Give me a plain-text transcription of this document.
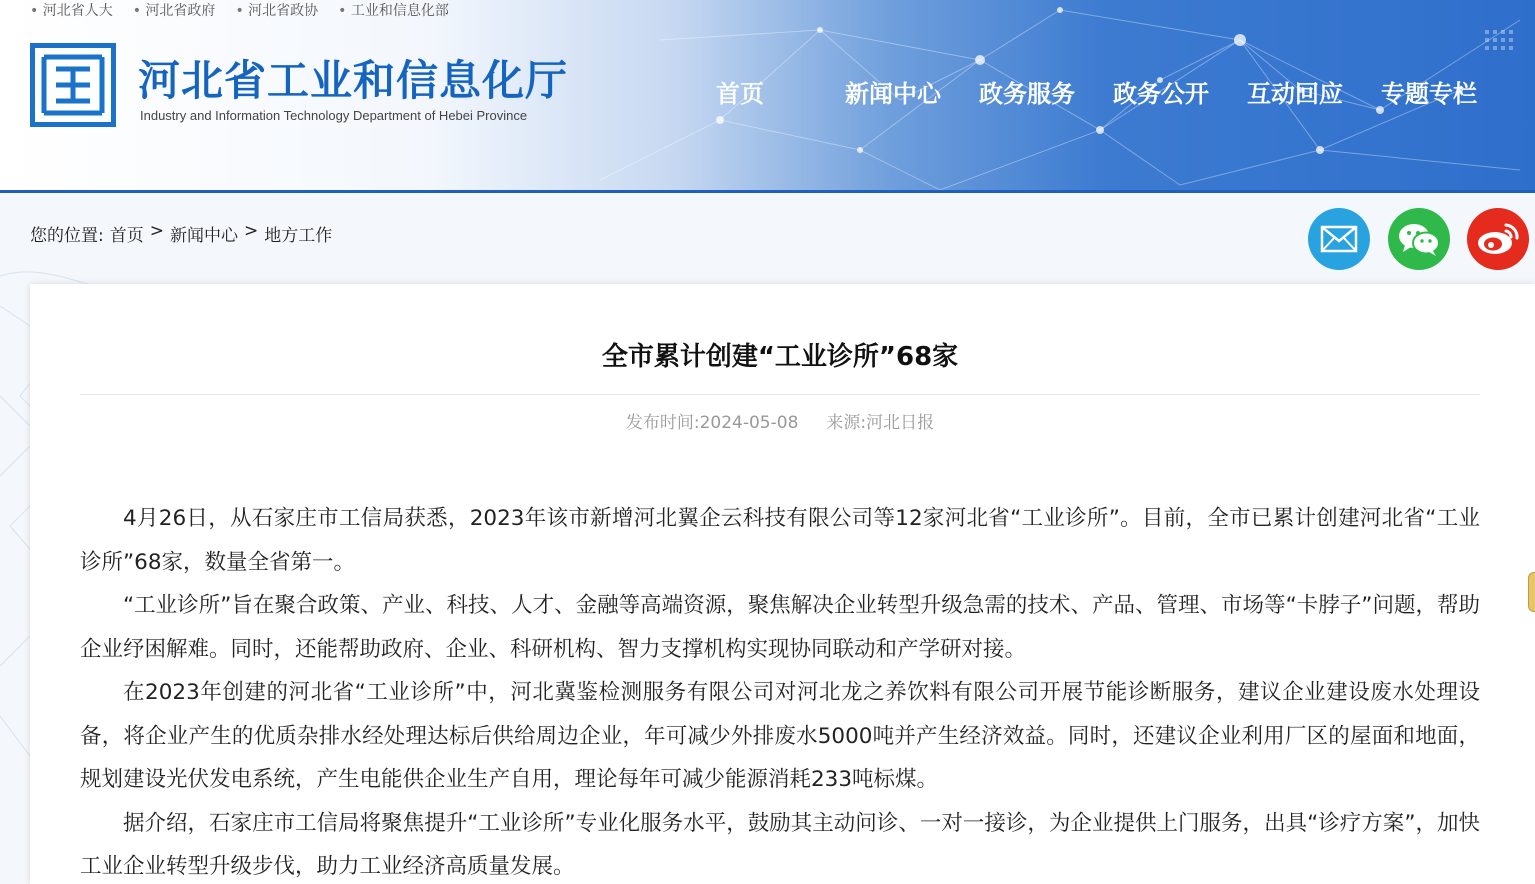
• 河北省人大	• 河北省政府	• 河北省政协	• 工业和信息化部
河北省工业和信息化厅
Industry and Information Technology Department of Hebei Province
首页	新闻中心	政务服务	政务公开	互动回应	专题专栏
您的位置: 首页 > 新闻中心 > 地方工作
全市累计创建“工业诊所”68家
发布时间:2024-05-08 来源:河北日报

4月26日，从石家庄市工信局获悉，2023年该市新增河北翼企云科技有限公司等12家河北省“工业诊所”。目前，全市已累计创建河北省“工业诊所”68家，数量全省第一。

“工业诊所”旨在聚合政策、产业、科技、人才、金融等高端资源，聚焦解决企业转型升级急需的技术、产品、管理、市场等“卡脖子”问题，帮助企业纾困解难。同时，还能帮助政府、企业、科研机构、智力支撑机构实现协同联动和产学研对接。

在2023年创建的河北省“工业诊所”中，河北冀鉴检测服务有限公司对河北龙之养饮料有限公司开展节能诊断服务，建议企业建设废水处理设备，将企业产生的优质杂排水经处理达标后供给周边企业，年可减少外排废水5000吨并产生经济效益。同时，还建议企业利用厂区的屋面和地面，规划建设光伏发电系统，产生电能供企业生产自用，理论每年可减少能源消耗233吨标煤。

据介绍，石家庄市工信局将聚焦提升“工业诊所”专业化服务水平，鼓励其主动问诊、一对一接诊，为企业提供上门服务，出具“诊疗方案”，加快工业企业转型升级步伐，助力工业经济高质量发展。
